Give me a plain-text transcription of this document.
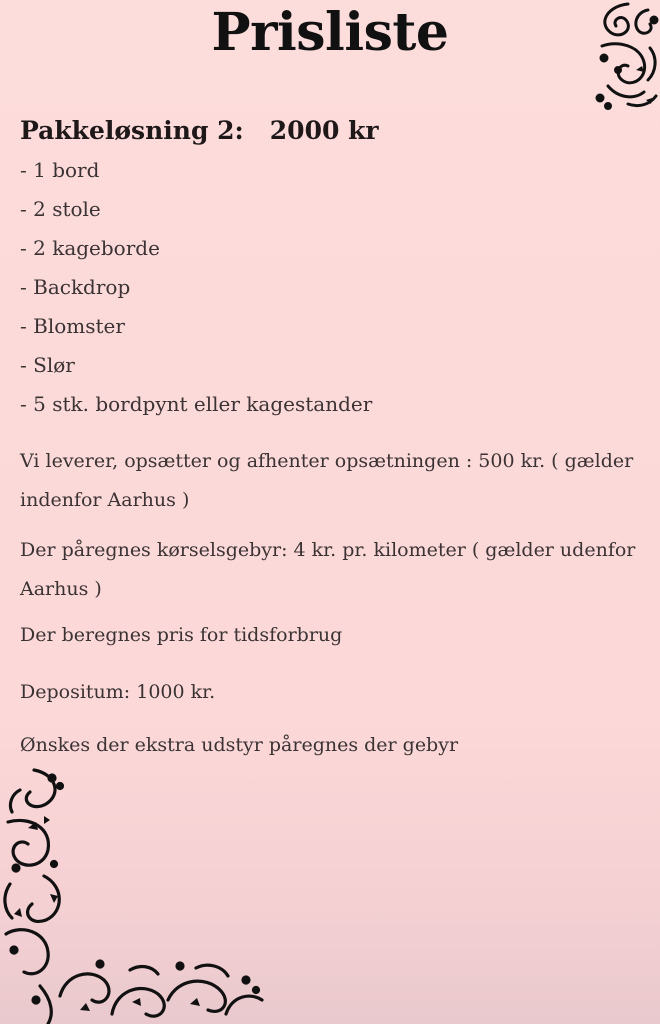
Prisliste
Pakkeløsning 2: 2000 kr
- 1 bord
- 2 stole
- 2 kageborde
- Backdrop
- Blomster
- Slør
- 5 stk. bordpynt eller kagestander
Vi leverer, opsætter og afhenter opsætningen : 500 kr. ( gælder indenfor Aarhus )
Der påregnes kørselsgebyr: 4 kr. pr. kilometer ( gælder udenfor Aarhus )
Der beregnes pris for tidsforbrug
Depositum: 1000 kr.
Ønskes der ekstra udstyr påregnes der gebyr
